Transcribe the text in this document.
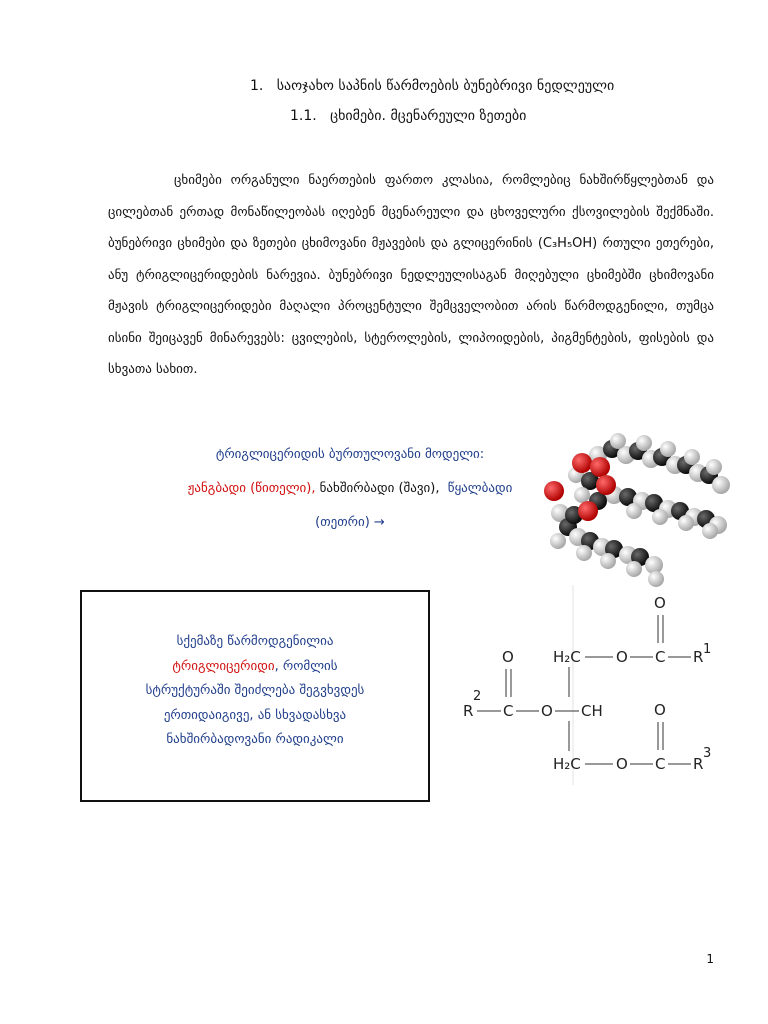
1. საოჯახო საპნის წარმოების ბუნებრივი ნედლეული
1.1. ცხიმები. მცენარეული ზეთები

ცხიმები ორგანული ნაერთების ფართო კლასია, რომლებიც ნახშირწყლებთან და ცილებთან ერთად მონაწილეობას იღებენ მცენარეული და ცხოველური ქსოვილების შექმნაში. ბუნებრივი ცხიმები და ზეთები ცხიმოვანი მჟავების და გლიცერინის (C₃H₅OH) რთული ეთერები, ანუ ტრიგლიცერიდების ნარევია. ბუნებრივი ნედლეულისაგან მიღებული ცხიმებში ცხიმოვანი მჟავის ტრიგლიცერიდები მაღალი პროცენტული შემცველობით არის წარმოდგენილი, თუმცა ისინი შეიცავენ მინარევებს: ცვილების, სტეროლების, ლიპოიდების, პიგმენტების, ფისების და სხვათა სახით.

ტრიგლიცერიდის ბურთულოვანი მოდელი:
ჟანგბადი (წითელი), ნახშირბადი (შავი), წყალბადი
(თეთრი) →
სქემაზე წარმოდგენილია
ტრიგლიცერიდი, რომლის
სტრუქტურაში შეიძლება შეგვხვდეს
ერთიდაიგივე, ან სხვადასხვა
ნახშირბადოვანი რადიკალი
H₂C O C R 1
O
R
2
C O CH
O
H₂C O C R
3
O
1
